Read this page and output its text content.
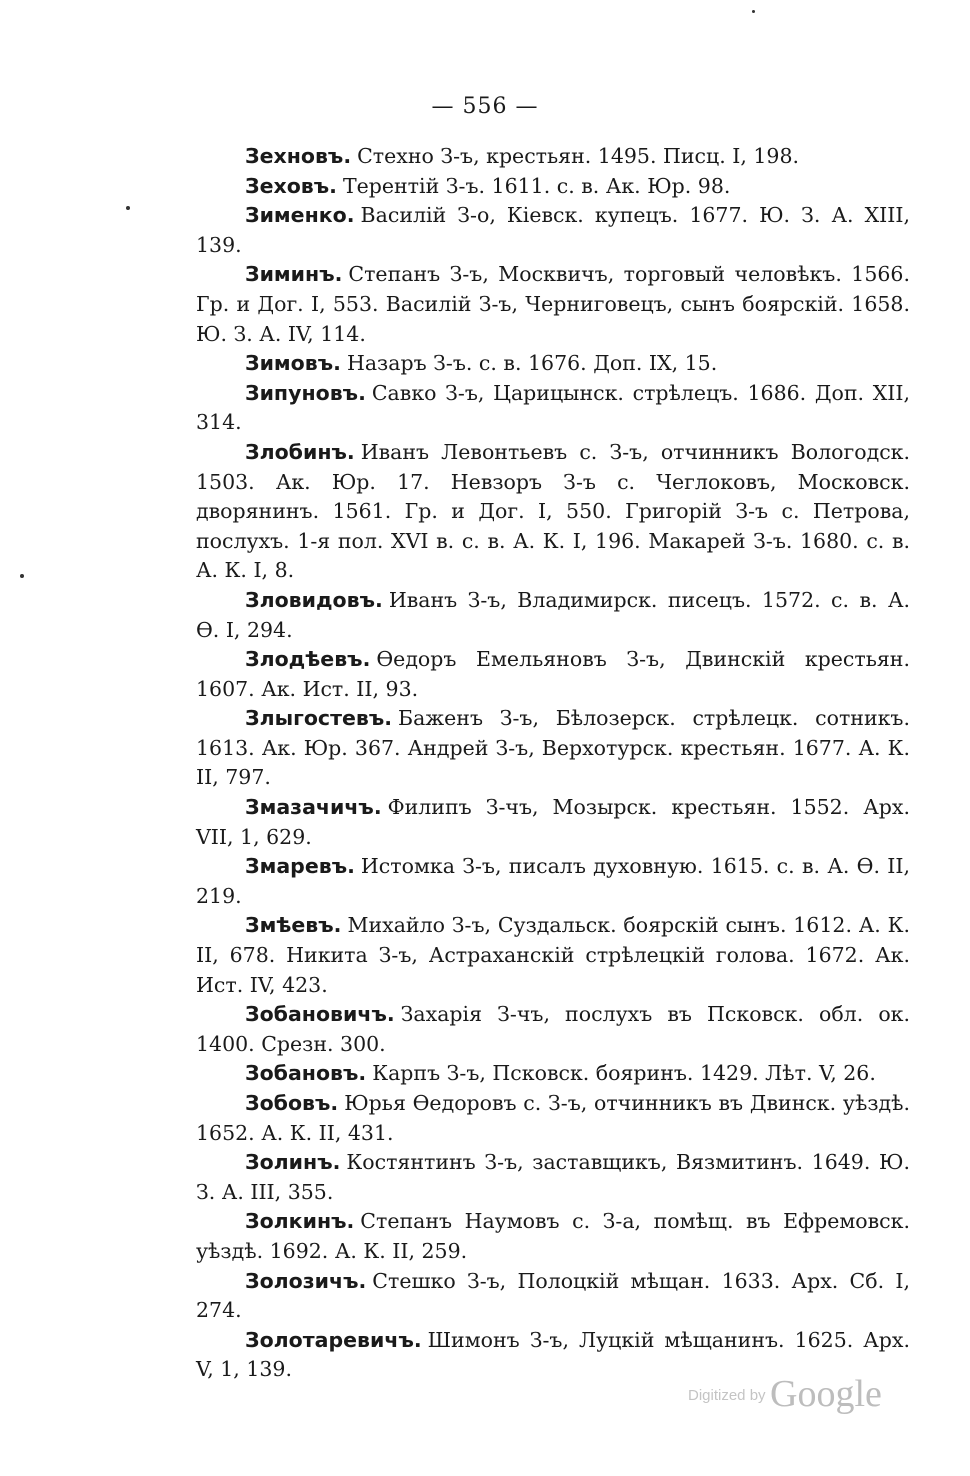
— 556 —

Зехновъ. Стехно З-ъ, крестьян. 1495. Писц. I, 198.

Зеховъ. Терентій З-ъ. 1611. с. в. Ак. Юр. 98.

Зименко. Василій З-о, Кіевск. купецъ. 1677. Ю. З. А. XIII, 139.

Зиминъ. Степанъ З-ъ, Москвичъ, торговый человѣкъ. 1566. Гр. и Дог. I, 553. Василій З-ъ, Черниговецъ, сынъ боярскій. 1658. Ю. З. А. IV, 114.

Зимовъ. Назаръ З-ъ. с. в. 1676. Доп. IX, 15.

Зипуновъ. Савко З-ъ, Царицынск. стрѣлецъ. 1686. Доп. XII, 314.

Злобинъ. Иванъ Левонтьевъ с. З-ъ, отчинникъ Вологодск. 1503. Ак. Юр. 17. Невзоръ З-ъ с. Чеглоковъ, Московск. дворянинъ. 1561. Гр. и Дог. I, 550. Григорій З-ъ с. Петрова, послухъ. 1-я пол. XVI в. с. в. А. К. I, 196. Макарей З-ъ. 1680. с. в. А. К. I, 8.

Зловидовъ. Иванъ З-ъ, Владимирск. писецъ. 1572. с. в. А. Ѳ. I, 294.

Злодѣевъ. Ѳедоръ Емельяновъ З-ъ, Двинскій крестьян. 1607. Ак. Ист. II, 93.

Злыгостевъ. Баженъ З-ъ, Бѣлозерск. стрѣлецк. сотникъ. 1613. Ак. Юр. 367. Андрей З-ъ, Верхотурск. крестьян. 1677. А. К. II, 797.

Змазачичъ. Филипъ З-чъ, Мозырск. крестьян. 1552. Арх. VII, 1, 629.

Змаревъ. Истомка З-ъ, писалъ духовную. 1615. с. в. А. Ѳ. II, 219.

Змѣевъ. Михайло З-ъ, Суздальск. боярскій сынъ. 1612. А. К. II, 678. Никита З-ъ, Астраханскій стрѣлецкій голова. 1672. Ак. Ист. IV, 423.

Зобановичъ. Захарія З-чъ, послухъ въ Псковск. обл. ок. 1400. Срезн. 300.

Зобановъ. Карпъ З-ъ, Псковск. бояринъ. 1429. Лѣт. V, 26.

Зобовъ. Юрья Ѳедоровъ с. З-ъ, отчинникъ въ Двинск. уѣздѣ. 1652. А. К. II, 431.

Золинъ. Костянтинъ З-ъ, заставщикъ, Вязмитинъ. 1649. Ю. З. А. III, 355.

Золкинъ. Степанъ Наумовъ с. З-а, помѣщ. въ Ефремовск. уѣздѣ. 1692. А. К. II, 259.

Золозичъ. Стешко З-ъ, Полоцкій мѣщан. 1633. Арх. Сб. I, 274.

Золотаревичъ. Шимонъ З-ъ, Луцкій мѣщанинъ. 1625. Арх. V, 1, 139.

Digitized by Google
